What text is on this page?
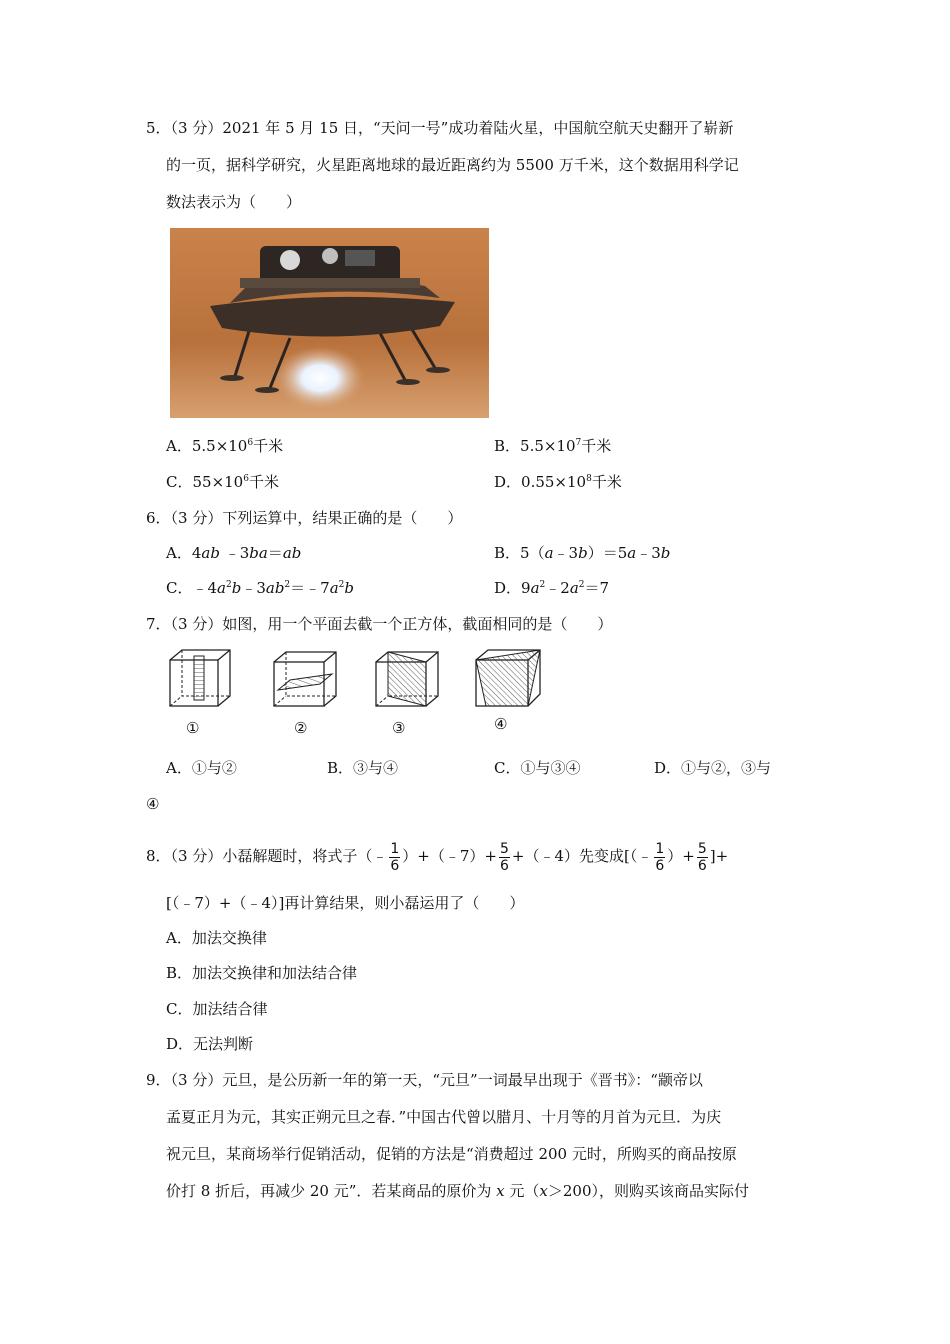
5．（3 分）2021 年 5 月 15 日，“天问一号”成功着陆火星，中国航空航天史翻开了崭新
的一页，据科学研究，火星距离地球的最近距离约为 5500 万千米，这个数据用科学记
数法表示为（　　）
A．$5.5\times 10^6$千米	B．$5.5\times 10^7$千米
C．$55\times 10^6$千米	D．$0.55\times 10^8$千米
6．（3 分）下列运算中，结果正确的是（　　）
A．4ab ﹣3ba＝ab	B．5（a﹣3b）＝5a﹣3b
C．$﹣4a^2b﹣3ab^2=﹣7a^2b$	D．$9a^2﹣2a^2=7$
7．（3 分）如图，用一个平面去截一个正方体，截面相同的是（　　）
①	②	③	④
A．①与②	B．③与④	C．①与③④	D．①与②，③与
④
8．（3 分）小磊解题时，将式子（﹣ $\frac{1}{6}$ ）+（﹣7）+ $\frac{5}{6}$ +（﹣4）先变成[（﹣ $\frac{1}{6}$ ）+ $\frac{5}{6}$ ]+
[（﹣7）+（﹣4）]再计算结果，则小磊运用了（　　）
A．加法交换律
B．加法交换律和加法结合律
C．加法结合律
D．无法判断
9．（3 分）元旦，是公历新一年的第一天，“元旦”一词最早出现于《晋书》：“颛帝以
孟夏正月为元，其实正朔元旦之春．”中国古代曾以腊月、十月等的月首为元旦．为庆
祝元旦，某商场举行促销活动，促销的方法是“消费超过 200 元时，所购买的商品按原
价打 8 折后，再减少 20 元”．若某商品的原价为 x 元（x＞200），则购买该商品实际付
